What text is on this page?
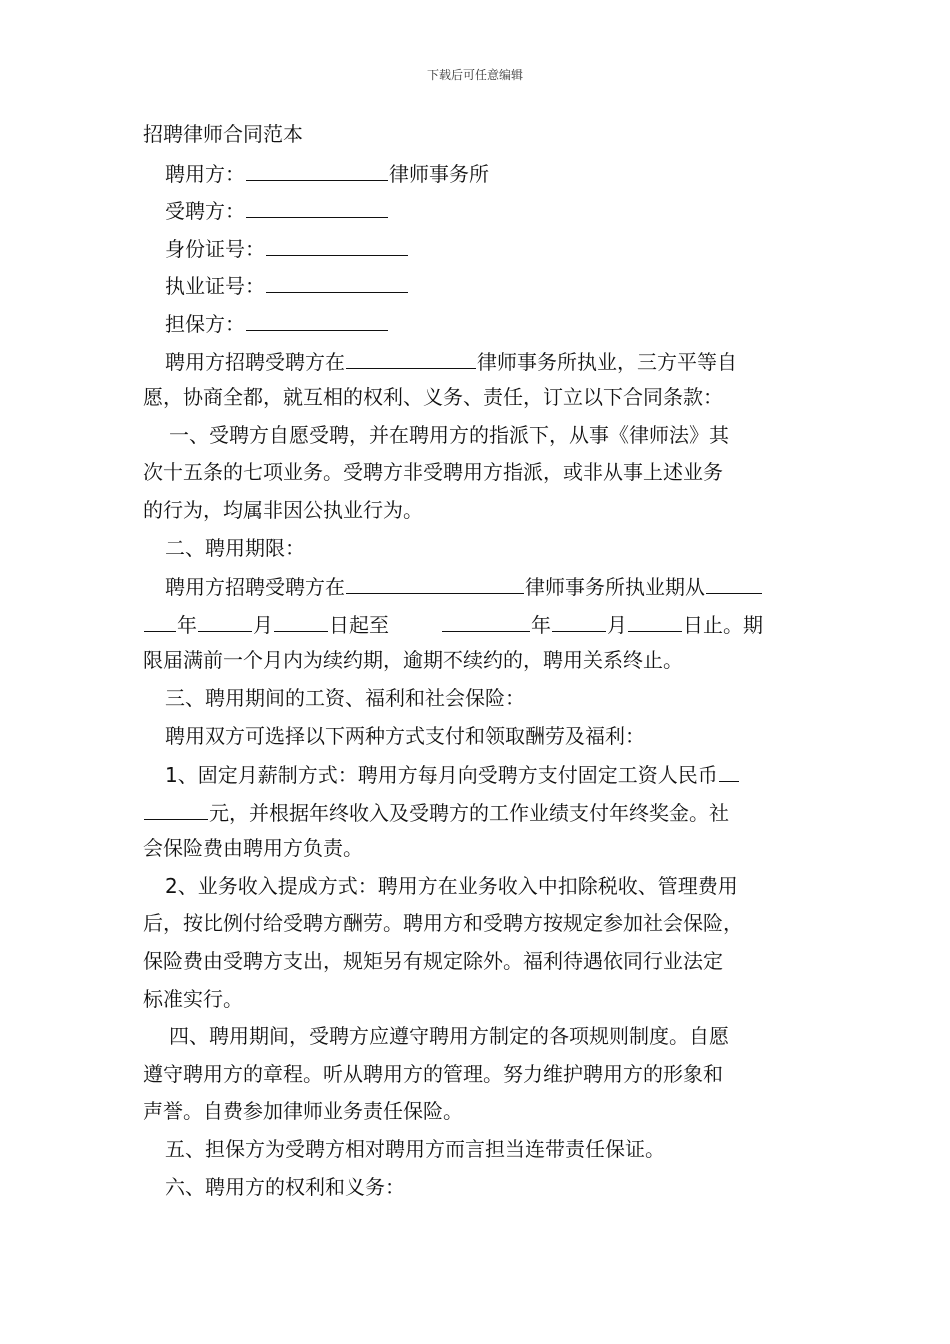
下载后可任意编辑
招聘律师合同范本
聘用方：	律师事务所
受聘方：
身份证号：
执业证号：
担保方：
聘用方招聘受聘方在	律师事务所执业，三方平等自
愿，协商全都，就互相的权利、义务、责任，订立以下合同条款：
一、受聘方自愿受聘，并在聘用方的指派下，从事《律师法》其
次十五条的七项业务。受聘方非受聘用方指派，或非从事上述业务
的行为，均属非因公执业行为。
二、聘用期限：
聘用方招聘受聘方在	律师事务所执业期从
年	月	日起至	年	月	日止。期
限届满前一个月内为续约期，逾期不续约的，聘用关系终止。
三、聘用期间的工资、福利和社会保险：
聘用双方可选择以下两种方式支付和领取酬劳及福利：
1、固定月薪制方式：聘用方每月向受聘方支付固定工资人民币
元，并根据年终收入及受聘方的工作业绩支付年终奖金。社
会保险费由聘用方负责。
2、业务收入提成方式：聘用方在业务收入中扣除税收、管理费用
后，按比例付给受聘方酬劳。聘用方和受聘方按规定参加社会保险，
保险费由受聘方支出，规矩另有规定除外。福利待遇依同行业法定
标准实行。
四、聘用期间，受聘方应遵守聘用方制定的各项规则制度。自愿
遵守聘用方的章程。听从聘用方的管理。努力维护聘用方的形象和
声誉。自费参加律师业务责任保险。
五、担保方为受聘方相对聘用方而言担当连带责任保证。
六、聘用方的权利和义务：
